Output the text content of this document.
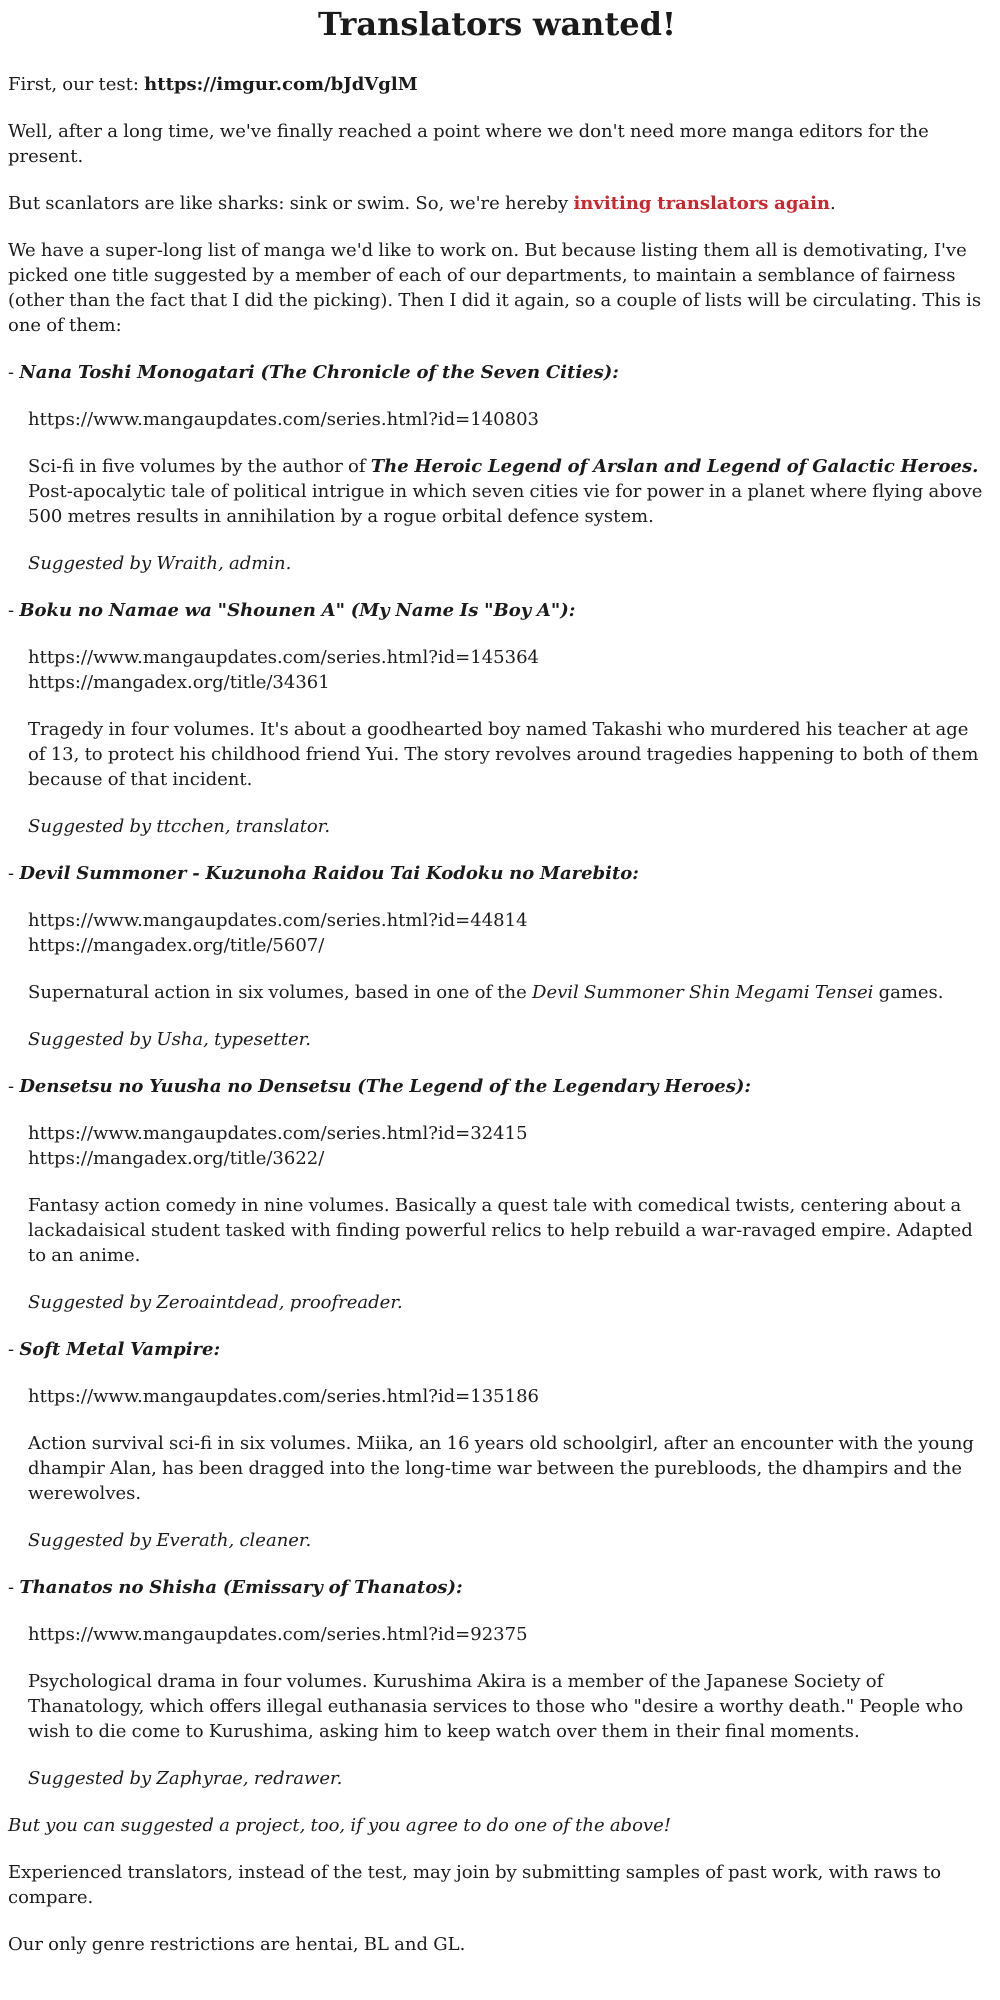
Translators wanted!

First, our test: https://imgur.com/bJdVglM

Well, after a long time, we've finally reached a point where we don't need more manga editors for the present.

But scanlators are like sharks: sink or swim. So, we're hereby inviting translators again.

We have a super-long list of manga we'd like to work on. But because listing them all is demotivating, I've picked one title suggested by a member of each of our departments, to maintain a semblance of fairness (other than the fact that I did the picking). Then I did it again, so a couple of lists will be circulating. This is one of them:

- Nana Toshi Monogatari (The Chronicle of the Seven Cities):

https://www.mangaupdates.com/series.html?id=140803

Sci-fi in five volumes by the author of The Heroic Legend of Arslan and Legend of Galactic Heroes. Post-apocalytic tale of political intrigue in which seven cities vie for power in a planet where flying above 500 metres results in annihilation by a rogue orbital defence system.

Suggested by Wraith, admin.

- Boku no Namae wa "Shounen A" (My Name Is "Boy A"):

https://www.mangaupdates.com/series.html?id=145364
https://mangadex.org/title/34361

Tragedy in four volumes. It's about a goodhearted boy named Takashi who murdered his teacher at age of 13, to protect his childhood friend Yui. The story revolves around tragedies happening to both of them because of that incident.

Suggested by ttcchen, translator.

- Devil Summoner - Kuzunoha Raidou Tai Kodoku no Marebito:

https://www.mangaupdates.com/series.html?id=44814
https://mangadex.org/title/5607/

Supernatural action in six volumes, based in one of the Devil Summoner Shin Megami Tensei games.

Suggested by Usha, typesetter.

- Densetsu no Yuusha no Densetsu (The Legend of the Legendary Heroes):

https://www.mangaupdates.com/series.html?id=32415
https://mangadex.org/title/3622/

Fantasy action comedy in nine volumes. Basically a quest tale with comedical twists, centering about a lackadaisical student tasked with finding powerful relics to help rebuild a war-ravaged empire. Adapted to an anime.

Suggested by Zeroaintdead, proofreader.

- Soft Metal Vampire:

https://www.mangaupdates.com/series.html?id=135186

Action survival sci-fi in six volumes. Miika, an 16 years old schoolgirl, after an encounter with the young dhampir Alan, has been dragged into the long-time war between the purebloods, the dhampirs and the werewolves.

Suggested by Everath, cleaner.

- Thanatos no Shisha (Emissary of Thanatos):

https://www.mangaupdates.com/series.html?id=92375

Psychological drama in four volumes. Kurushima Akira is a member of the Japanese Society of Thanatology, which offers illegal euthanasia services to those who "desire a worthy death." People who wish to die come to Kurushima, asking him to keep watch over them in their final moments.

Suggested by Zaphyrae, redrawer.

But you can suggested a project, too, if you agree to do one of the above!

Experienced translators, instead of the test, may join by submitting samples of past work, with raws to compare.

Our only genre restrictions are hentai, BL and GL.
